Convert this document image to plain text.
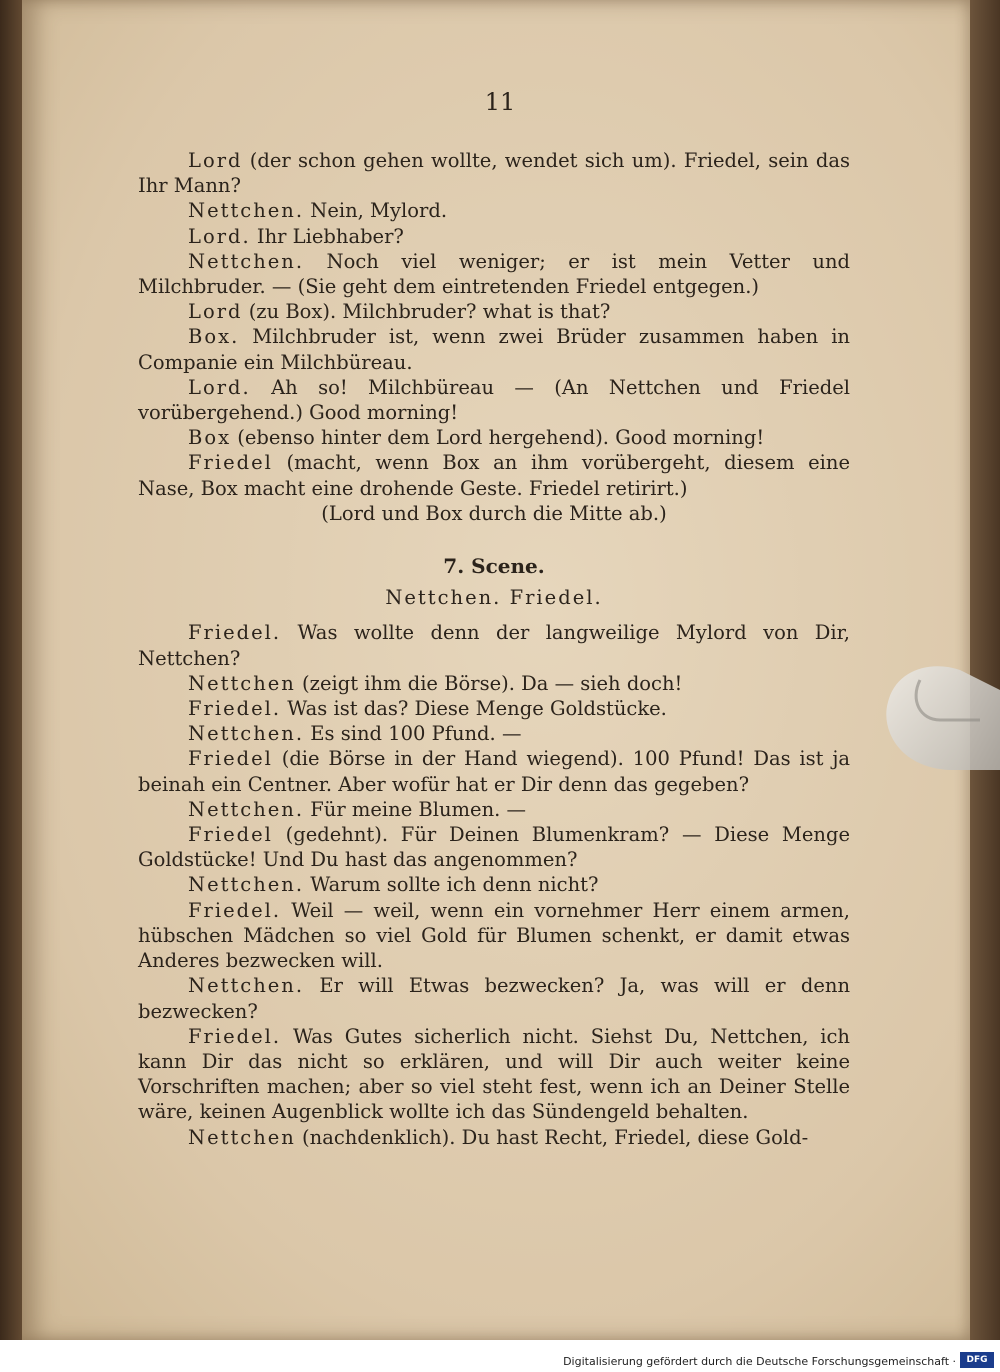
11

Lord (der schon gehen wollte, wendet sich um). Friedel, sein das Ihr Mann?

Nettchen. Nein, Mylord.

Lord. Ihr Liebhaber?

Nettchen. Noch viel weniger; er ist mein Vetter und Milchbruder. — (Sie geht dem eintretenden Friedel entgegen.)

Lord (zu Box). Milchbruder? what is that?

Box. Milchbruder ist, wenn zwei Brüder zusammen haben in Companie ein Milchbüreau.

Lord. Ah so! Milchbüreau — (An Nettchen und Friedel vorübergehend.) Good morning!

Box (ebenso hinter dem Lord hergehend). Good morning!

Friedel (macht, wenn Box an ihm vorübergeht, diesem eine Nase, Box macht eine drohende Geste. Friedel retirirt.)

(Lord und Box durch die Mitte ab.)

7. Scene.
Nettchen. Friedel.

Friedel. Was wollte denn der langweilige Mylord von Dir, Nettchen?

Nettchen (zeigt ihm die Börse). Da — sieh doch!

Friedel. Was ist das? Diese Menge Goldstücke.

Nettchen. Es sind 100 Pfund. —

Friedel (die Börse in der Hand wiegend). 100 Pfund! Das ist ja beinah ein Centner. Aber wofür hat er Dir denn das gegeben?

Nettchen. Für meine Blumen. —

Friedel (gedehnt). Für Deinen Blumenkram? — Diese Menge Goldstücke! Und Du hast das angenommen?

Nettchen. Warum sollte ich denn nicht?

Friedel. Weil — weil, wenn ein vornehmer Herr einem armen, hübschen Mädchen so viel Gold für Blumen schenkt, er damit etwas Anderes bezwecken will.

Nettchen. Er will Etwas bezwecken? Ja, was will er denn bezwecken?

Friedel. Was Gutes sicherlich nicht. Siehst Du, Nettchen, ich kann Dir das nicht so erklären, und will Dir auch weiter keine Vorschriften machen; aber so viel steht fest, wenn ich an Deiner Stelle wäre, keinen Augenblick wollte ich das Sündengeld behalten.

Nettchen (nachdenklich). Du hast Recht, Friedel, diese Gold-

Digitalisierung gefördert durch die Deutsche Forschungsgemeinschaft ·	DFG
